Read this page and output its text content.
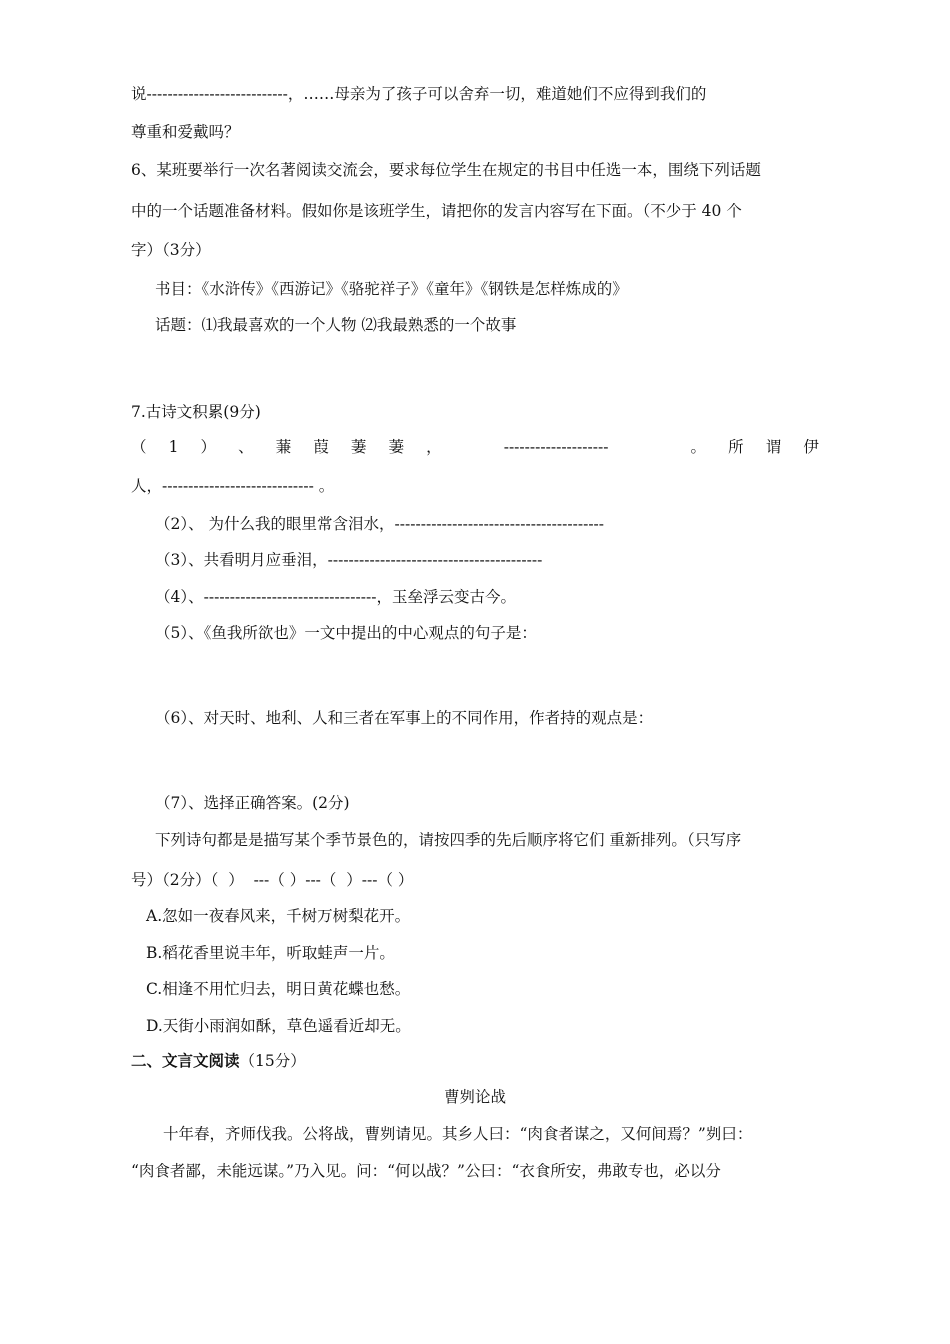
说---------------------------，……母亲为了孩子可以舍弃一切，难道她们不应得到我们的
尊重和爱戴吗？
6、某班要举行一次名著阅读交流会，要求每位学生在规定的书目中任选一本，围绕下列话题
中的一个话题准备材料。假如你是该班学生，请把你的发言内容写在下面。（不少于 40 个
字）（3分）
书目：《水浒传》《西游记》《骆驼祥子》《童年》《钢铁是怎样炼成的》
话题：⑴我最喜欢的一个人物 ⑵我最熟悉的一个故事
7.古诗文积累(9分)
（ 1 ） 、 蒹 葭 萋 萋 ，	--------------------	。 所 谓 伊
人，----------------------------- 。
（2）、 为什么我的眼里常含泪水，----------------------------------------
（3）、共看明月应垂泪，-----------------------------------------
（4）、---------------------------------，玉垒浮云变古今。
（5）、《鱼我所欲也》一文中提出的中心观点的句子是：
（6）、对天时、地利、人和三者在军事上的不同作用，作者持的观点是：
（7）、选择正确答案。(2分)
下列诗句都是是描写某个季节景色的，请按四季的先后顺序将它们 重新排列。（只写序
号）（2分）（  ）  ---（ ）---（  ）---（ ）
A.忽如一夜春风来，千树万树梨花开。
B.稻花香里说丰年，听取蛙声一片。
C.相逢不用忙归去，明日黄花蝶也愁。
D.天街小雨润如酥，草色遥看近却无。
二、文言文阅读（15分）
曹刿论战
十年春，齐师伐我。公将战，曹刿请见。其乡人曰：“肉食者谋之，又何间焉？”刿曰：
“肉食者鄙，未能远谋。”乃入见。问：“何以战？”公曰：“衣食所安，弗敢专也，必以分
